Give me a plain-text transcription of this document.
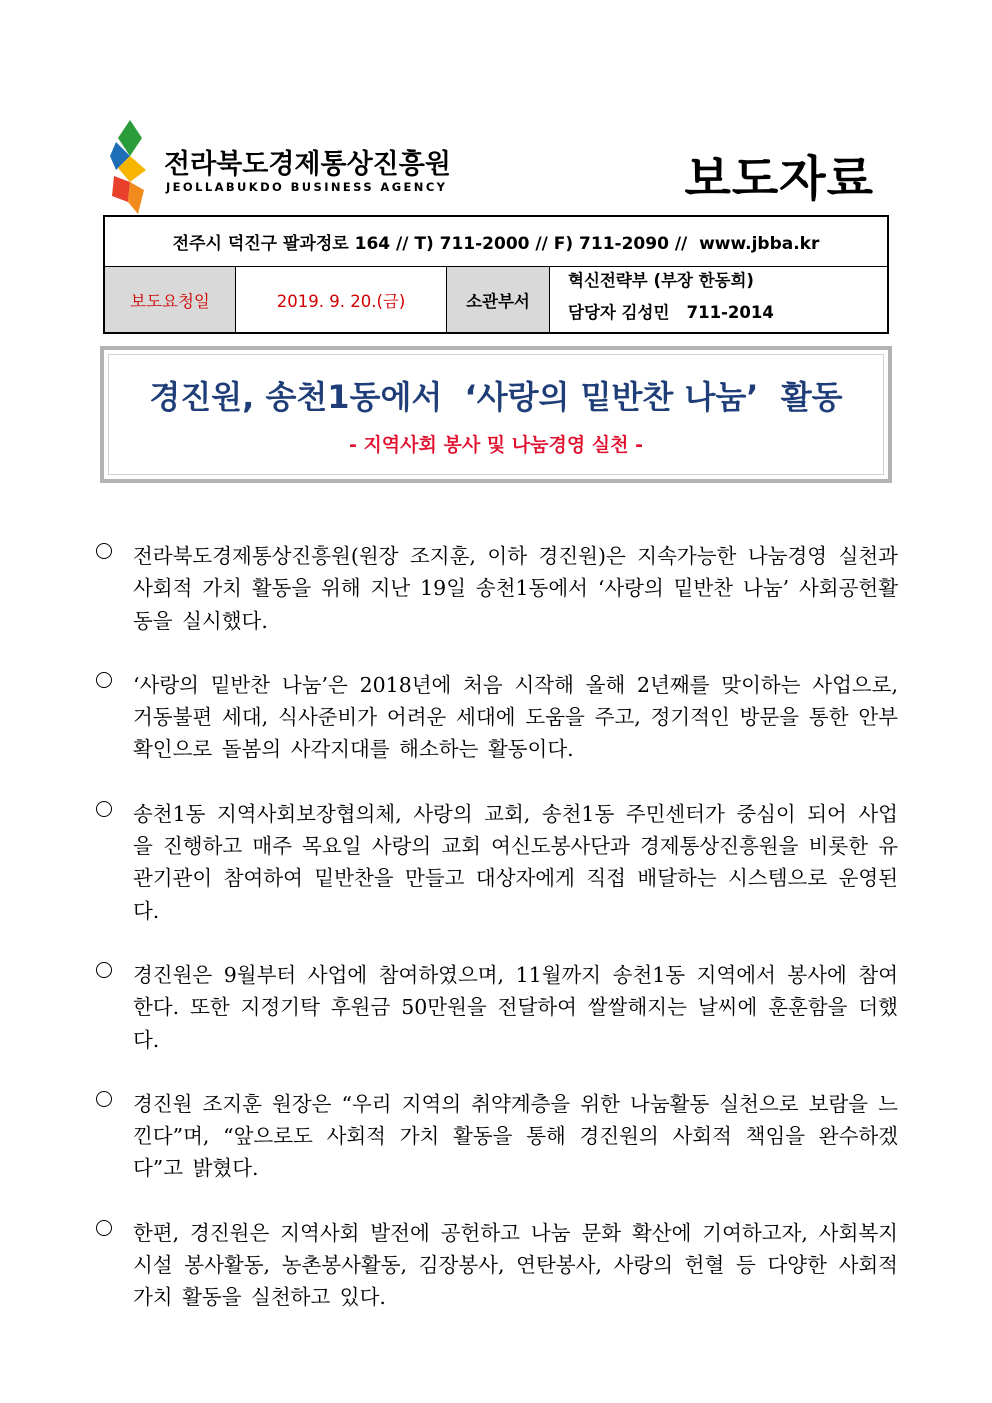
전라북도경제통상진흥원
JEOLLABUKDO BUSINESS AGENCY	보도자료
전주시 덕진구 팔과정로 164 // T) 711-2000 // F) 711-2090 //  www.jbba.kr
보도요청일	2019. 9. 20.(금)	소관부서
혁신전략부 (부장 한동희)
담당자 김성민   711-2014
경진원, 송천1동에서  ‘사랑의 밑반찬 나눔’  활동
- 지역사회 봉사 및 나눔경영 실천 -
전라북도경제통상진흥원(원장 조지훈, 이하 경진원)은 지속가능한 나눔경영 실천과 사회적 가치 활동을 위해 지난 19일 송천1동에서 ‘사랑의 밑반찬 나눔’ 사회공헌활동을 실시했다.
‘사랑의 밑반찬 나눔’은 2018년에 처음 시작해 올해 2년째를 맞이하는 사업으로, 거동불편 세대, 식사준비가 어려운 세대에 도움을 주고, 정기적인 방문을 통한 안부확인으로 돌봄의 사각지대를 해소하는 활동이다.
송천1동 지역사회보장협의체, 사랑의 교회, 송천1동 주민센터가 중심이 되어 사업을 진행하고 매주 목요일 사랑의 교회 여신도봉사단과 경제통상진흥원을 비롯한 유관기관이 참여하여 밑반찬을 만들고 대상자에게 직접 배달하는 시스템으로 운영된다.
경진원은 9월부터 사업에 참여하였으며, 11월까지 송천1동 지역에서 봉사에 참여한다. 또한 지정기탁 후원금 50만원을 전달하여 쌀쌀해지는 날씨에 훈훈함을 더했다.
경진원 조지훈 원장은 “우리 지역의 취약계층을 위한 나눔활동 실천으로 보람을 느낀다”며, “앞으로도 사회적 가치 활동을 통해 경진원의 사회적 책임을 완수하겠다”고 밝혔다.
한편, 경진원은 지역사회 발전에 공헌하고 나눔 문화 확산에 기여하고자, 사회복지시설 봉사활동, 농촌봉사활동, 김장봉사, 연탄봉사, 사랑의 헌혈 등 다양한 사회적 가치 활동을 실천하고 있다.
